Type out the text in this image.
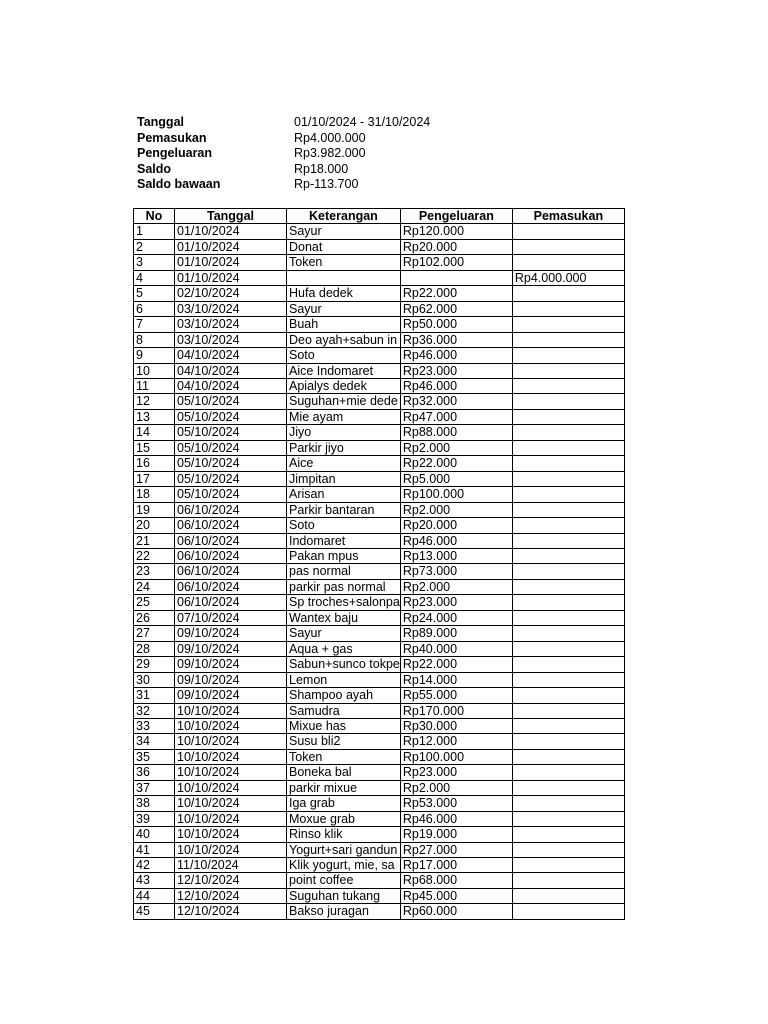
Tanggal	01/10/2024 - 31/10/2024
Pemasukan	Rp4.000.000
Pengeluaran	Rp3.982.000
Saldo	Rp18.000
Saldo bawaan	Rp-113.700
No	Tanggal	Keterangan	Pengeluaran	Pemasukan
1	01/10/2024	Sayur	Rp120.000	
2	01/10/2024	Donat	Rp20.000	
3	01/10/2024	Token	Rp102.000	
4	01/10/2024			Rp4.000.000
5	02/10/2024	Hufa dedek	Rp22.000	
6	03/10/2024	Sayur	Rp62.000	
7	03/10/2024	Buah	Rp50.000	
8	03/10/2024	Deo ayah+sabun in	Rp36.000	
9	04/10/2024	Soto	Rp46.000	
10	04/10/2024	Aice Indomaret	Rp23.000	
11	04/10/2024	Apialys dedek	Rp46.000	
12	05/10/2024	Suguhan+mie dede	Rp32.000	
13	05/10/2024	Mie ayam	Rp47.000	
14	05/10/2024	Jiyo	Rp88.000	
15	05/10/2024	Parkir jiyo	Rp2.000	
16	05/10/2024	Aice	Rp22.000	
17	05/10/2024	Jimpitan	Rp5.000	
18	05/10/2024	Arisan	Rp100.000	
19	06/10/2024	Parkir bantaran	Rp2.000	
20	06/10/2024	Soto	Rp20.000	
21	06/10/2024	Indomaret	Rp46.000	
22	06/10/2024	Pakan mpus	Rp13.000	
23	06/10/2024	pas normal	Rp73.000	
24	06/10/2024	parkir pas normal	Rp2.000	
25	06/10/2024	Sp troches+salonpa	Rp23.000	
26	07/10/2024	Wantex baju	Rp24.000	
27	09/10/2024	Sayur	Rp89.000	
28	09/10/2024	Aqua + gas	Rp40.000	
29	09/10/2024	Sabun+sunco tokpe	Rp22.000	
30	09/10/2024	Lemon	Rp14.000	
31	09/10/2024	Shampoo ayah	Rp55.000	
32	10/10/2024	Samudra	Rp170.000	
33	10/10/2024	Mixue has	Rp30.000	
34	10/10/2024	Susu bli2	Rp12.000	
35	10/10/2024	Token	Rp100.000	
36	10/10/2024	Boneka bal	Rp23.000	
37	10/10/2024	parkir mixue	Rp2.000	
38	10/10/2024	Iga grab	Rp53.000	
39	10/10/2024	Moxue grab	Rp46.000	
40	10/10/2024	Rinso klik	Rp19.000	
41	10/10/2024	Yogurt+sari gandun	Rp27.000	
42	11/10/2024	Klik yogurt, mie, sa	Rp17.000	
43	12/10/2024	point coffee	Rp68.000	
44	12/10/2024	Suguhan tukang	Rp45.000	
45	12/10/2024	Bakso juragan	Rp60.000	
